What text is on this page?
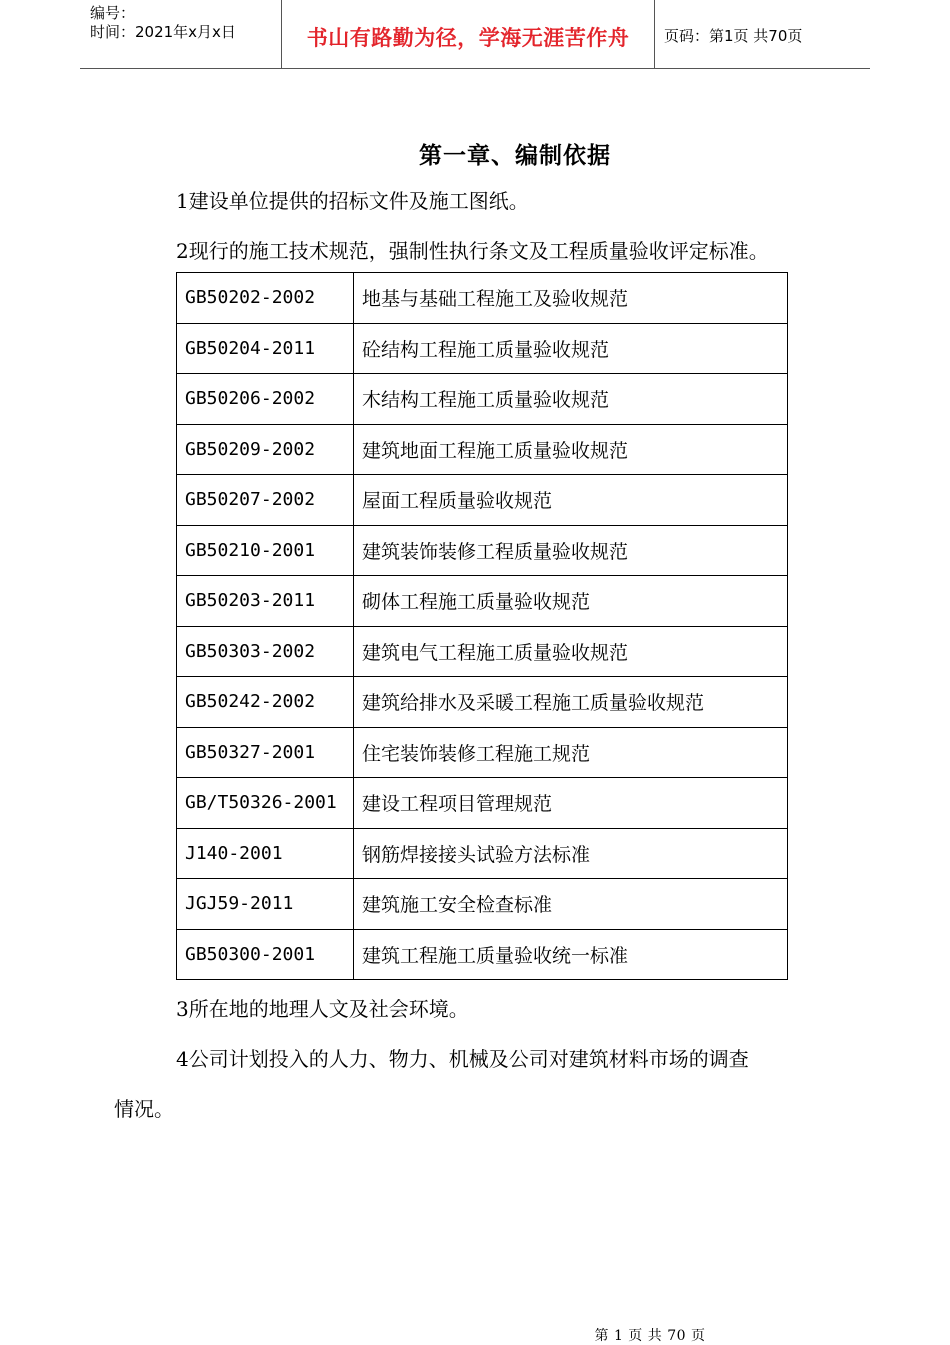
编号：
时间：2021年x月x日	书山有路勤为径，学海无涯苦作舟	页码：第1页 共70页
第一章、编制依据
1建设单位提供的招标文件及施工图纸。
2现行的施工技术规范，强制性执行条文及工程质量验收评定标准。
GB50202-2002	地基与基础工程施工及验收规范
GB50204-2011	砼结构工程施工质量验收规范
GB50206-2002	木结构工程施工质量验收规范
GB50209-2002	建筑地面工程施工质量验收规范
GB50207-2002	屋面工程质量验收规范
GB50210-2001	建筑装饰装修工程质量验收规范
GB50203-2011	砌体工程施工质量验收规范
GB50303-2002	建筑电气工程施工质量验收规范
GB50242-2002	建筑给排水及采暖工程施工质量验收规范
GB50327-2001	住宅装饰装修工程施工规范
GB/T50326-2001	建设工程项目管理规范
J140-2001	钢筋焊接接头试验方法标准
JGJ59-2011	建筑施工安全检查标准
GB50300-2001	建筑工程施工质量验收统一标准
3所在地的地理人文及社会环境。
4公司计划投入的人力、物力、机械及公司对建筑材料市场的调查
情况。
第 1 页 共 70 页
